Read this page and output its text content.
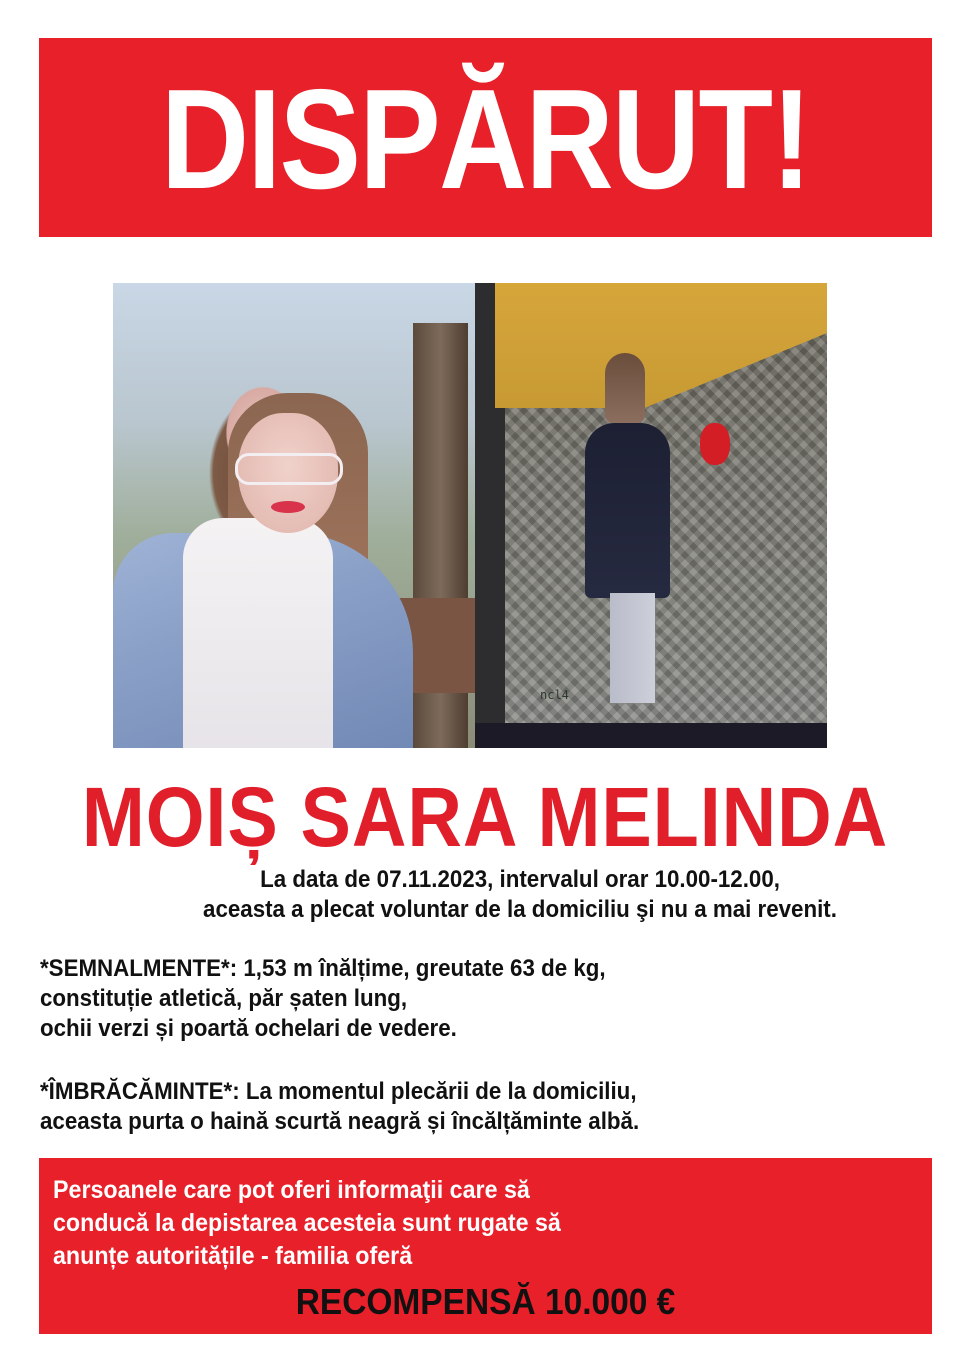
DISPĂRUT!
ncl4
MOIȘ SARA MELINDA
La data de 07.11.2023, intervalul orar 10.00-12.00,
aceasta a plecat voluntar de la domiciliu şi nu a mai revenit.
*SEMNALMENTE*: 1,53 m înălțime, greutate 63 de kg,
constituție atletică, păr șaten lung,
ochii verzi și poartă ochelari de vedere.
*ÎMBRĂCĂMINTE*: La momentul plecării de la domiciliu,
aceasta purta o haină scurtă neagră și încălțăminte albă.
Persoanele care pot oferi informaţii care să
conducă la depistarea acesteia sunt rugate să
anunțe autoritățile - familia oferă
RECOMPENSĂ 10.000 €
